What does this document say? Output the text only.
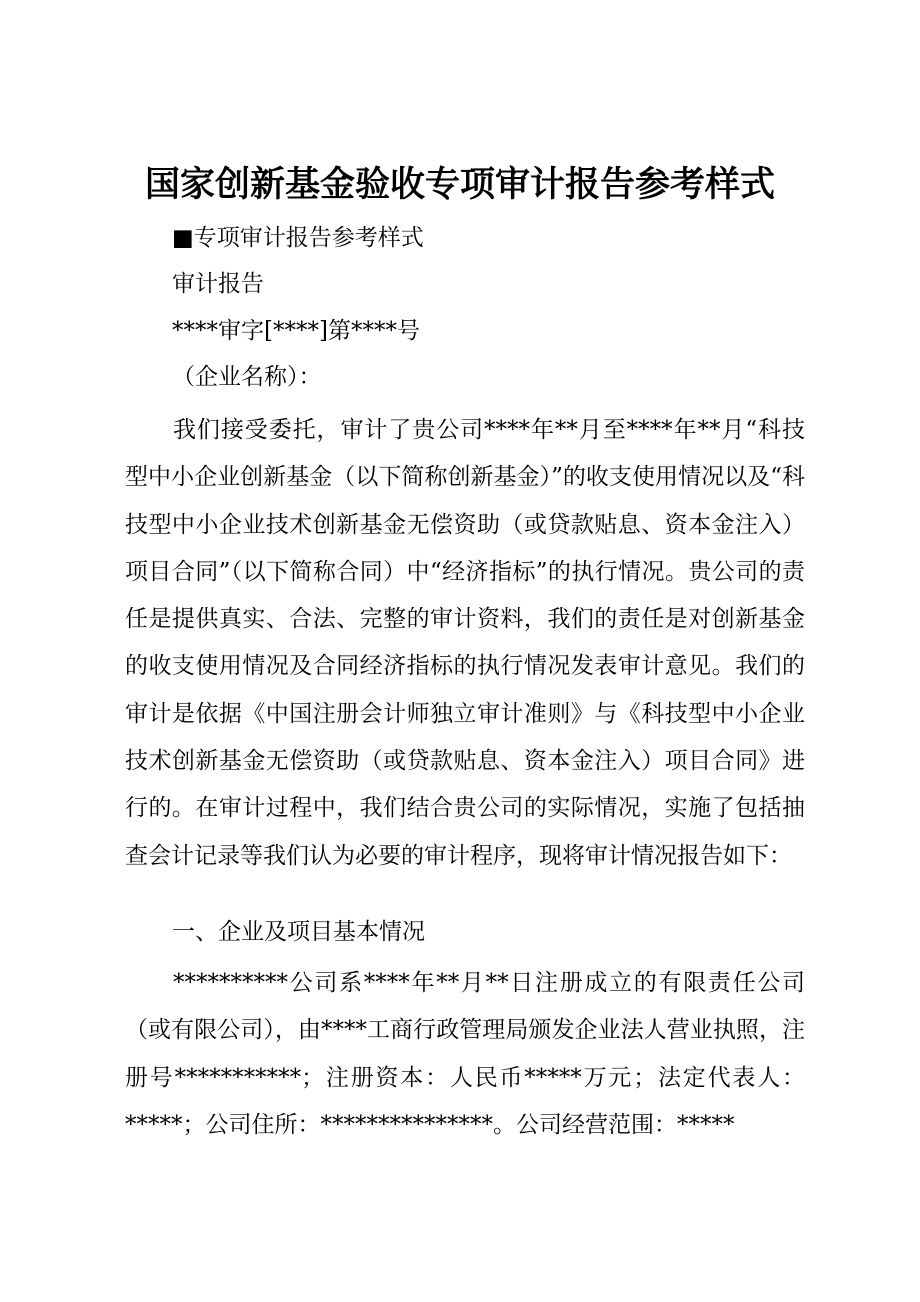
国家创新基金验收专项审计报告参考样式
■专项审计报告参考样式
审计报告
****审字[****]第****号
（企业名称）：
我们接受委托，审计了贵公司****年**月至****年**月“科技型中小企业创新基金（以下简称创新基金）”的收支使用情况以及“科技型中小企业技术创新基金无偿资助（或贷款贴息、资本金注入）项目合同”（以下简称合同）中“经济指标”的执行情况。贵公司的责任是提供真实、合法、完整的审计资料，我们的责任是对创新基金的收支使用情况及合同经济指标的执行情况发表审计意见。我们的审计是依据《中国注册会计师独立审计准则》与《科技型中小企业技术创新基金无偿资助（或贷款贴息、资本金注入）项目合同》进行的。在审计过程中，我们结合贵公司的实际情况，实施了包括抽查会计记录等我们认为必要的审计程序，现将审计情况报告如下：
一、企业及项目基本情况
**********公司系****年**月**日注册成立的有限责任公司（或有限公司），由****工商行政管理局颁发企业法人营业执照，注册号***********；注册资本：人民币*****万元；法定代表人：*****；公司住所：***************。公司经营范围：*****
